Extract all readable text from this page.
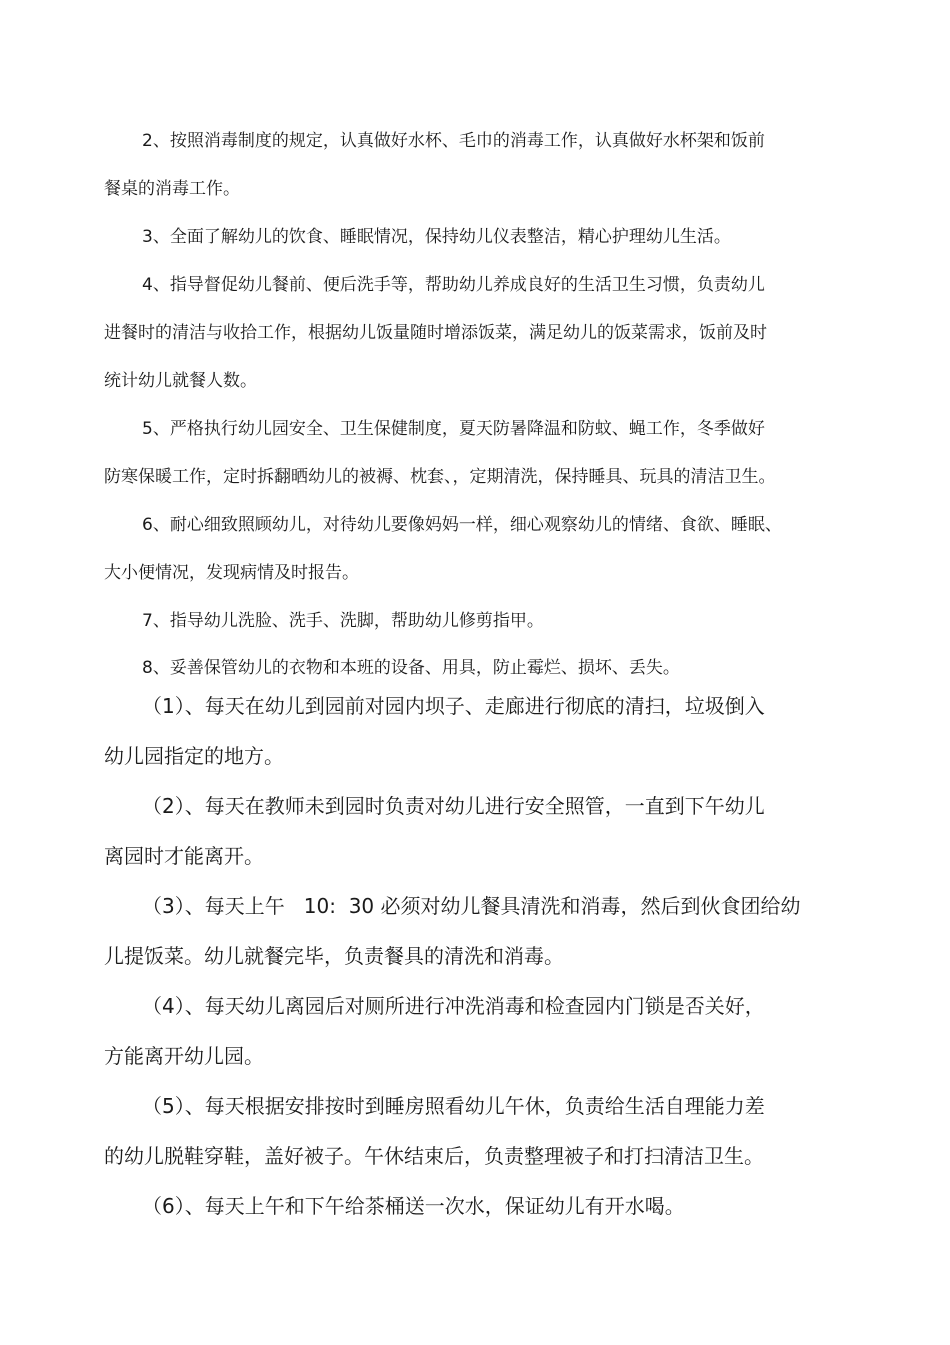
2、按照消毒制度的规定，认真做好水杯、毛巾的消毒工作，认真做好水杯架和饭前
餐桌的消毒工作。
3、全面了解幼儿的饮食、睡眠情况，保持幼儿仪表整洁，精心护理幼儿生活。
4、指导督促幼儿餐前、便后洗手等，帮助幼儿养成良好的生活卫生习惯，负责幼儿
进餐时的清洁与收拾工作，根据幼儿饭量随时增添饭菜，满足幼儿的饭菜需求，饭前及时
统计幼儿就餐人数。
5、严格执行幼儿园安全、卫生保健制度，夏天防暑降温和防蚊、蝇工作，冬季做好
防寒保暖工作，定时拆翻晒幼儿的被褥、枕套、，定期清洗，保持睡具、玩具的清洁卫生。
6、耐心细致照顾幼儿，对待幼儿要像妈妈一样，细心观察幼儿的情绪、食欲、睡眠、
大小便情况，发现病情及时报告。
7、指导幼儿洗脸、洗手、洗脚，帮助幼儿修剪指甲。
8、妥善保管幼儿的衣物和本班的设备、用具，防止霉烂、损坏、丢失。
（1）、每天在幼儿到园前对园内坝子、走廊进行彻底的清扫，垃圾倒入
幼儿园指定的地方。
（2）、每天在教师未到园时负责对幼儿进行安全照管，一直到下午幼儿
离园时才能离开。
（3）、每天上午   10:  30 必须对幼儿餐具清洗和消毒，然后到伙食团给幼
儿提饭菜。幼儿就餐完毕，负责餐具的清洗和消毒。
（4）、每天幼儿离园后对厕所进行冲洗消毒和检查园内门锁是否关好，
方能离开幼儿园。
（5）、每天根据安排按时到睡房照看幼儿午休，负责给生活自理能力差
的幼儿脱鞋穿鞋，盖好被子。午休结束后，负责整理被子和打扫清洁卫生。
（6）、每天上午和下午给茶桶送一次水，保证幼儿有开水喝。
